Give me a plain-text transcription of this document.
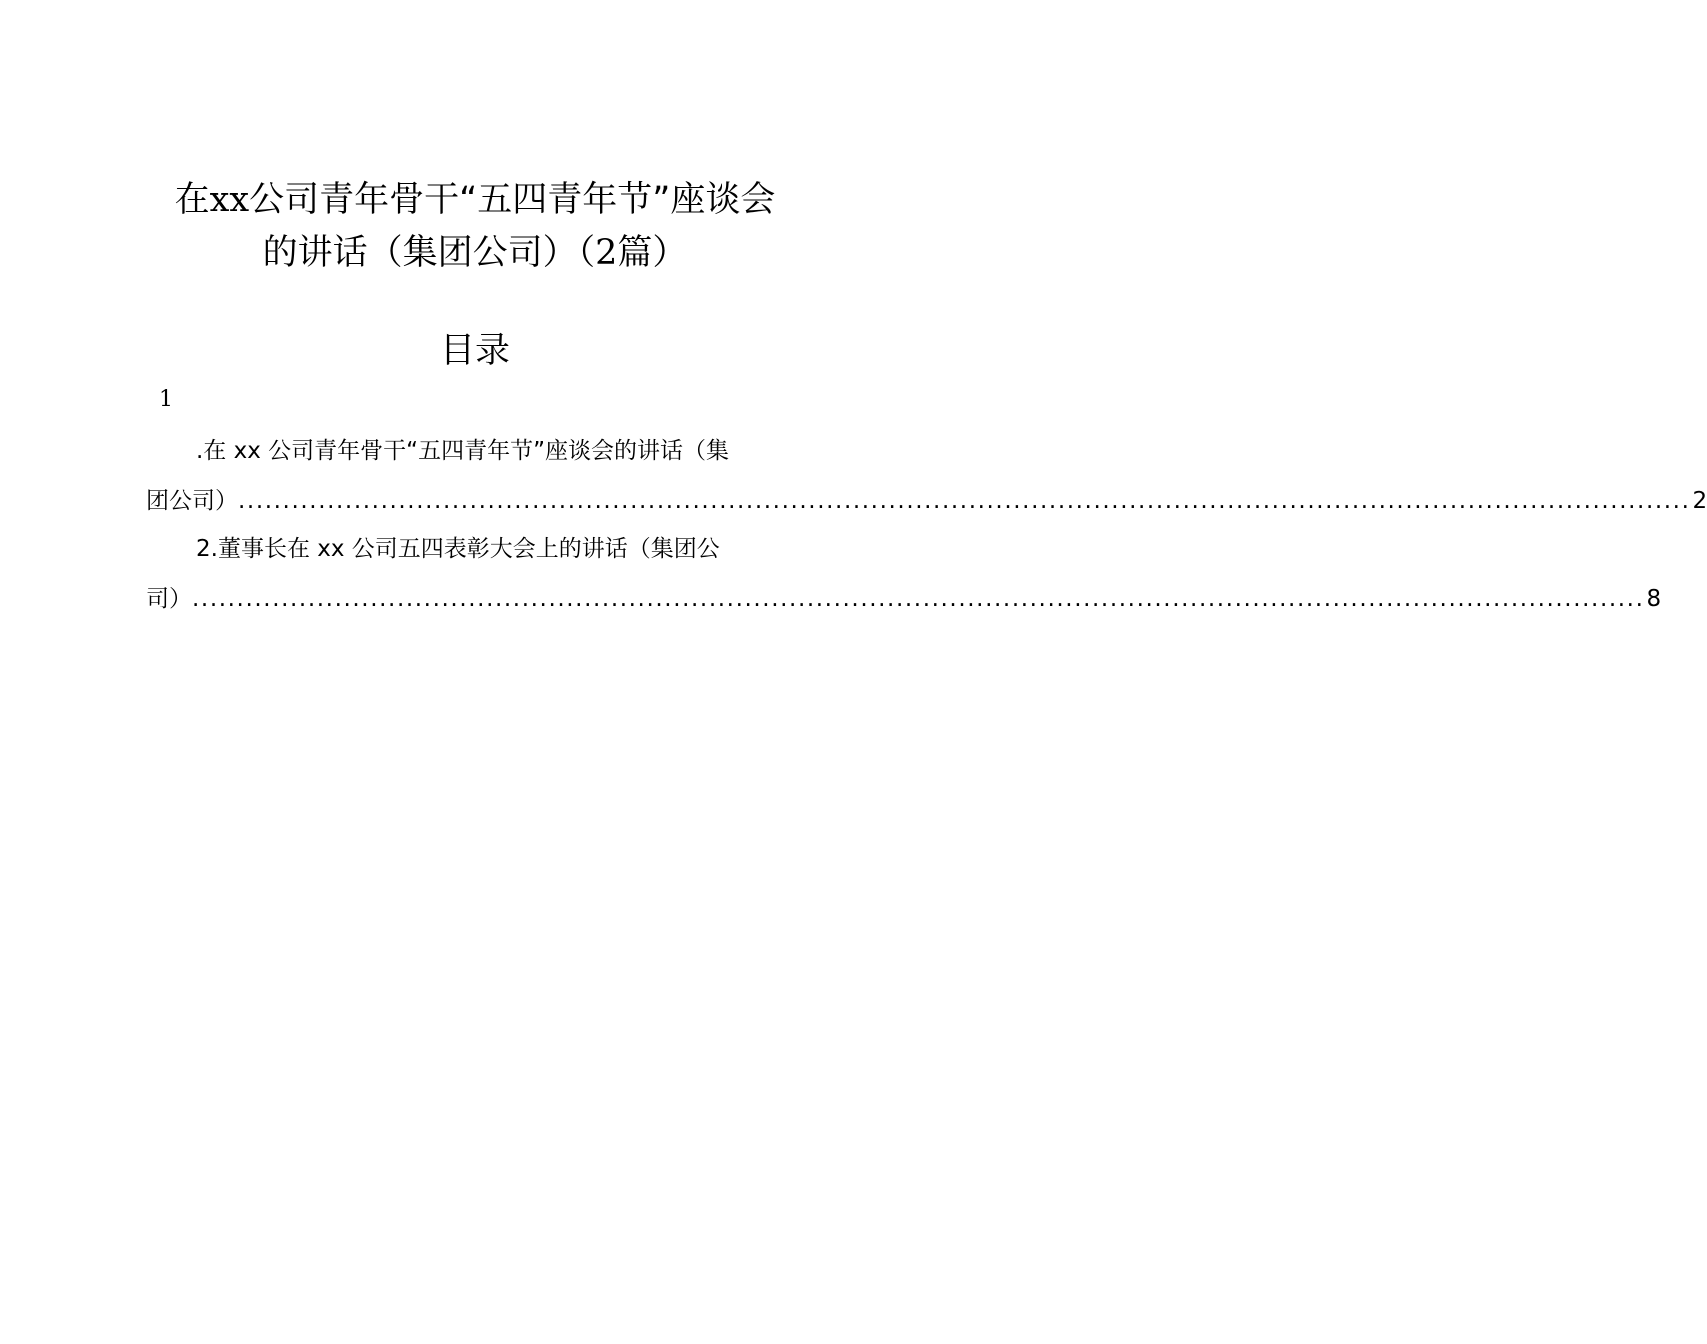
在xx公司青年骨干“五四青年节”座谈会
的讲话（集团公司）（2篇）
目录
1
.在 xx 公司青年骨干“五四青年节”座谈会的讲话（集
团公司） ................................................................................................................................................................... 2
2.董事长在 xx 公司五四表彰大会上的讲话（集团公
司） ................................................................................................................................................................... 8
